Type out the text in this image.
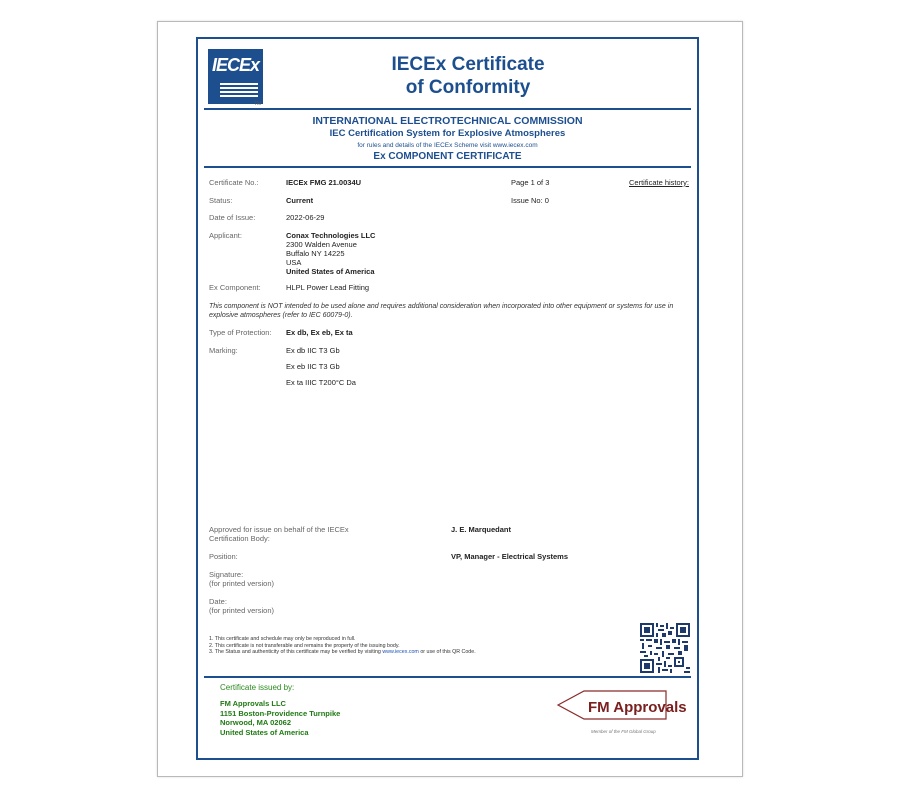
IECEx
TM
IECEx Certificate
of Conformity
INTERNATIONAL ELECTROTECHNICAL COMMISSION
IEC Certification System for Explosive Atmospheres
for rules and details of the IECEx Scheme visit www.iecex.com
Ex COMPONENT CERTIFICATE
Certificate No.:	IECEx FMG 21.0034U	Page 1 of 3	Certificate history:
Status:	Current	Issue No: 0
Date of Issue:	2022-06-29
Applicant:	Conax Technologies LLC
2300 Walden Avenue
Buffalo NY 14225
USA
United States of America
Ex Component:	HLPL Power Lead Fitting
This component is NOT intended to be used alone and requires additional consideration when incorporated into other equipment or systems for use in explosive atmospheres (refer to IEC 60079-0).
Type of Protection: Ex db, Ex eb, Ex ta
Marking:	Ex db IIC T3 Gb
Ex eb IIC T3 Gb
Ex ta IIIC T200°C Da
Approved for issue on behalf of the IECEx Certification Body:
J. E. Marquedant
Position:	VP, Manager - Electrical Systems
Signature:
(for printed version)
Date:
(for printed version)
1. This certificate and schedule may only be reproduced in full.
2. This certificate is not transferable and remains the property of the issuing body.
3. The Status and authenticity of this certificate may be verified by visiting www.iecex.com or use of this QR Code.
Certificate issued by:
FM Approvals LLC
1151 Boston-Providence Turnpike
Norwood, MA 02062
United States of America
FM Approvals
Member of the FM Global Group
